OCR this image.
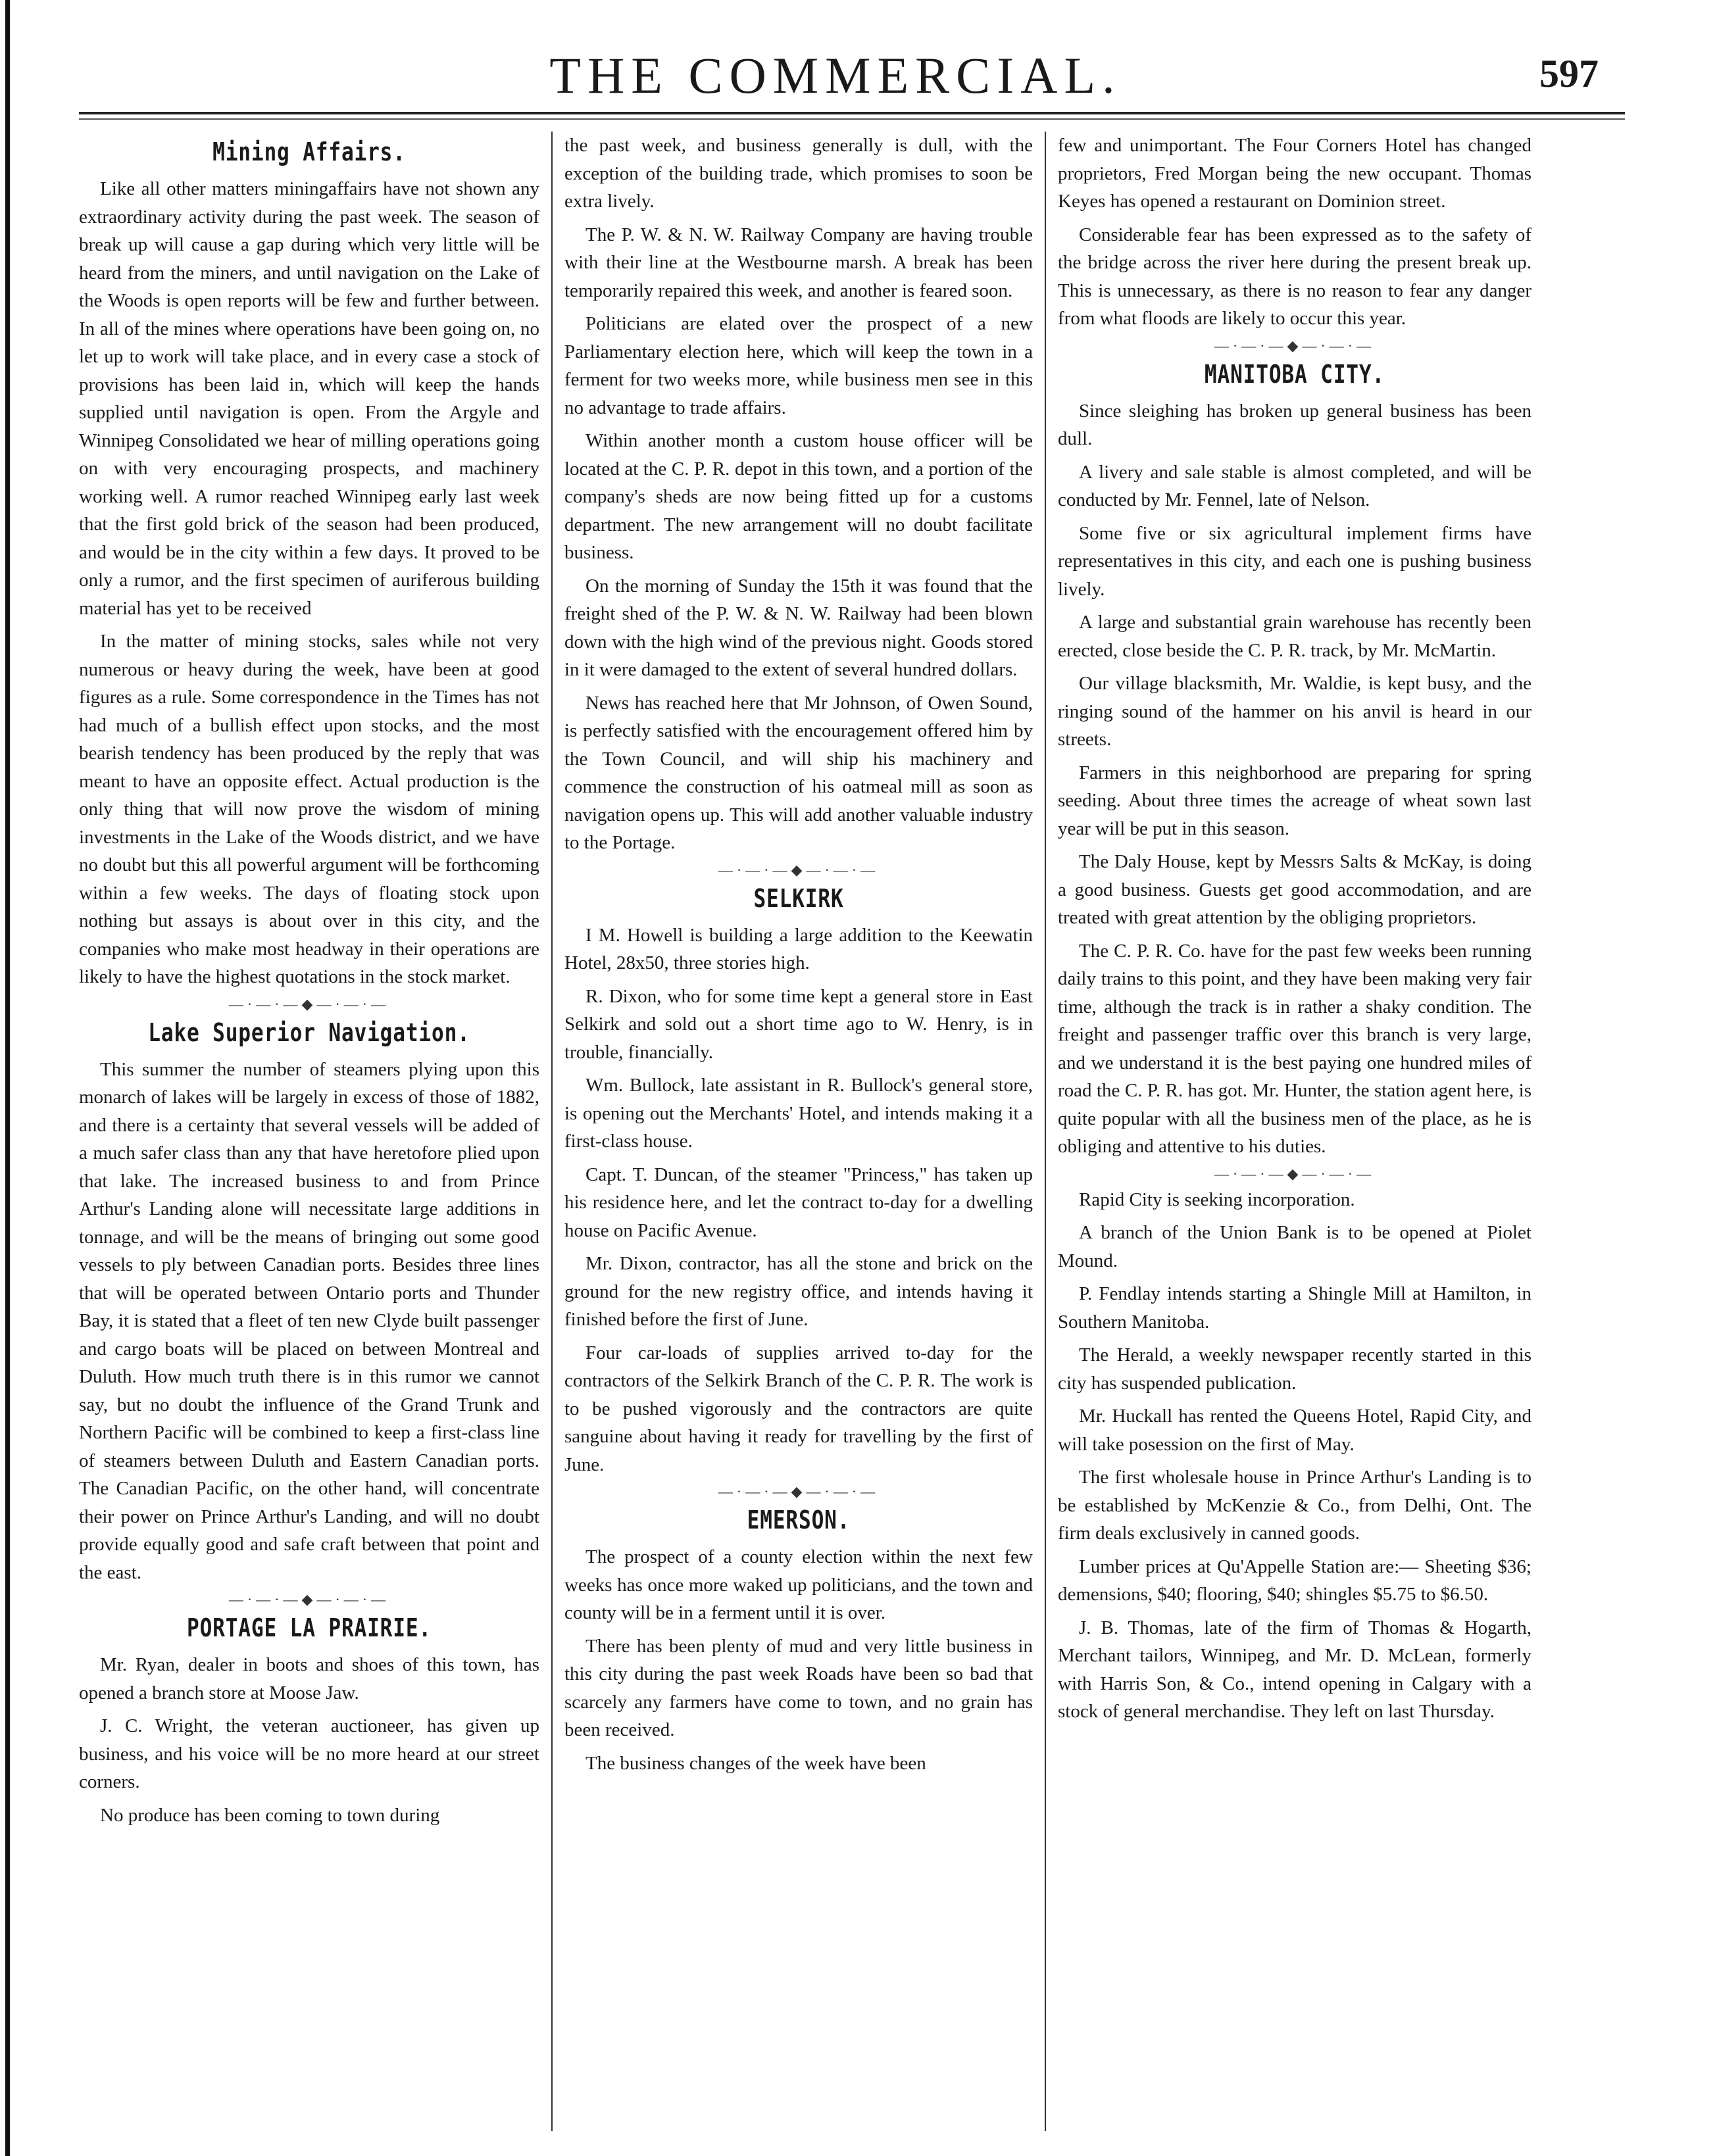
THE COMMERCIAL.	597
Mining Affairs.

Like all other matters miningaffairs have not shown any extraordinary activity during the past week. The season of break up will cause a gap during which very little will be heard from the miners, and until navigation on the Lake of the Woods is open reports will be few and further between. In all of the mines where operations have been going on, no let up to work will take place, and in every case a stock of provisions has been laid in, which will keep the hands supplied until navigation is open. From the Argyle and Winnipeg Consolidated we hear of milling operations going on with very encouraging prospects, and machinery working well. A rumor reached Winnipeg early last week that the first gold brick of the season had been produced, and would be in the city within a few days. It proved to be only a rumor, and the first specimen of auriferous building material has yet to be received

In the matter of mining stocks, sales while not very numerous or heavy during the week, have been at good figures as a rule. Some correspondence in the Times has not had much of a bullish effect upon stocks, and the most bearish tendency has been produced by the reply that was meant to have an opposite effect. Actual production is the only thing that will now prove the wisdom of mining investments in the Lake of the Woods district, and we have no doubt but this all powerful argument will be forthcoming within a few weeks. The days of floating stock upon nothing but assays is about over in this city, and the companies who make most headway in their operations are likely to have the highest quotations in the stock market.

—·—·—◆—·—·—
Lake Superior Navigation.

This summer the number of steamers plying upon this monarch of lakes will be largely in excess of those of 1882, and there is a certainty that several vessels will be added of a much safer class than any that have heretofore plied upon that lake. The increased business to and from Prince Arthur's Landing alone will necessitate large additions in tonnage, and will be the means of bringing out some good vessels to ply between Canadian ports. Besides three lines that will be operated between Ontario ports and Thunder Bay, it is stated that a fleet of ten new Clyde built passenger and cargo boats will be placed on between Montreal and Duluth. How much truth there is in this rumor we cannot say, but no doubt the influence of the Grand Trunk and Northern Pacific will be combined to keep a first-class line of steamers between Duluth and Eastern Canadian ports. The Canadian Pacific, on the other hand, will concentrate their power on Prince Arthur's Landing, and will no doubt provide equally good and safe craft between that point and the east.

—·—·—◆—·—·—
PORTAGE LA PRAIRIE.

Mr. Ryan, dealer in boots and shoes of this town, has opened a branch store at Moose Jaw.

J. C. Wright, the veteran auctioneer, has given up business, and his voice will be no more heard at our street corners.

No produce has been coming to town during

the past week, and business generally is dull, with the exception of the building trade, which promises to soon be extra lively.

The P. W. & N. W. Railway Company are having trouble with their line at the Westbourne marsh. A break has been temporarily repaired this week, and another is feared soon.

Politicians are elated over the prospect of a new Parliamentary election here, which will keep the town in a ferment for two weeks more, while business men see in this no advantage to trade affairs.

Within another month a custom house officer will be located at the C. P. R. depot in this town, and a portion of the company's sheds are now being fitted up for a customs department. The new arrangement will no doubt facilitate business.

On the morning of Sunday the 15th it was found that the freight shed of the P. W. & N. W. Railway had been blown down with the high wind of the previous night. Goods stored in it were damaged to the extent of several hundred dollars.

News has reached here that Mr Johnson, of Owen Sound, is perfectly satisfied with the encouragement offered him by the Town Council, and will ship his machinery and commence the construction of his oatmeal mill as soon as navigation opens up. This will add another valuable industry to the Portage.

—·—·—◆—·—·—
SELKIRK

I M. Howell is building a large addition to the Keewatin Hotel, 28x50, three stories high.

R. Dixon, who for some time kept a general store in East Selkirk and sold out a short time ago to W. Henry, is in trouble, financially.

Wm. Bullock, late assistant in R. Bullock's general store, is opening out the Merchants' Hotel, and intends making it a first-class house.

Capt. T. Duncan, of the steamer "Princess," has taken up his residence here, and let the contract to-day for a dwelling house on Pacific Avenue.

Mr. Dixon, contractor, has all the stone and brick on the ground for the new registry office, and intends having it finished before the first of June.

Four car-loads of supplies arrived to-day for the contractors of the Selkirk Branch of the C. P. R. The work is to be pushed vigorously and the contractors are quite sanguine about having it ready for travelling by the first of June.

—·—·—◆—·—·—
EMERSON.

The prospect of a county election within the next few weeks has once more waked up politicians, and the town and county will be in a ferment until it is over.

There has been plenty of mud and very little business in this city during the past week Roads have been so bad that scarcely any farmers have come to town, and no grain has been received.

The business changes of the week have been

few and unimportant. The Four Corners Hotel has changed proprietors, Fred Morgan being the new occupant. Thomas Keyes has opened a restaurant on Dominion street.

Considerable fear has been expressed as to the safety of the bridge across the river here during the present break up. This is unnecessary, as there is no reason to fear any danger from what floods are likely to occur this year.

—·—·—◆—·—·—
MANITOBA CITY.

Since sleighing has broken up general business has been dull.

A livery and sale stable is almost completed, and will be conducted by Mr. Fennel, late of Nelson.

Some five or six agricultural implement firms have representatives in this city, and each one is pushing business lively.

A large and substantial grain warehouse has recently been erected, close beside the C. P. R. track, by Mr. McMartin.

Our village blacksmith, Mr. Waldie, is kept busy, and the ringing sound of the hammer on his anvil is heard in our streets.

Farmers in this neighborhood are preparing for spring seeding. About three times the acreage of wheat sown last year will be put in this season.

The Daly House, kept by Messrs Salts & McKay, is doing a good business. Guests get good accommodation, and are treated with great attention by the obliging proprietors.

The C. P. R. Co. have for the past few weeks been running daily trains to this point, and they have been making very fair time, although the track is in rather a shaky condition. The freight and passenger traffic over this branch is very large, and we understand it is the best paying one hundred miles of road the C. P. R. has got. Mr. Hunter, the station agent here, is quite popular with all the business men of the place, as he is obliging and attentive to his duties.

—·—·—◆—·—·—

Rapid City is seeking incorporation.

A branch of the Union Bank is to be opened at Piolet Mound.

P. Fendlay intends starting a Shingle Mill at Hamilton, in Southern Manitoba.

The Herald, a weekly newspaper recently started in this city has suspended publication.

Mr. Huckall has rented the Queens Hotel, Rapid City, and will take posession on the first of May.

The first wholesale house in Prince Arthur's Landing is to be established by McKenzie & Co., from Delhi, Ont. The firm deals exclusively in canned goods.

Lumber prices at Qu'Appelle Station are:— Sheeting $36; demensions, $40; flooring, $40; shingles $5.75 to $6.50.

J. B. Thomas, late of the firm of Thomas & Hogarth, Merchant tailors, Winnipeg, and Mr. D. McLean, formerly with Harris Son, & Co., intend opening in Calgary with a stock of general merchandise. They left on last Thursday.
